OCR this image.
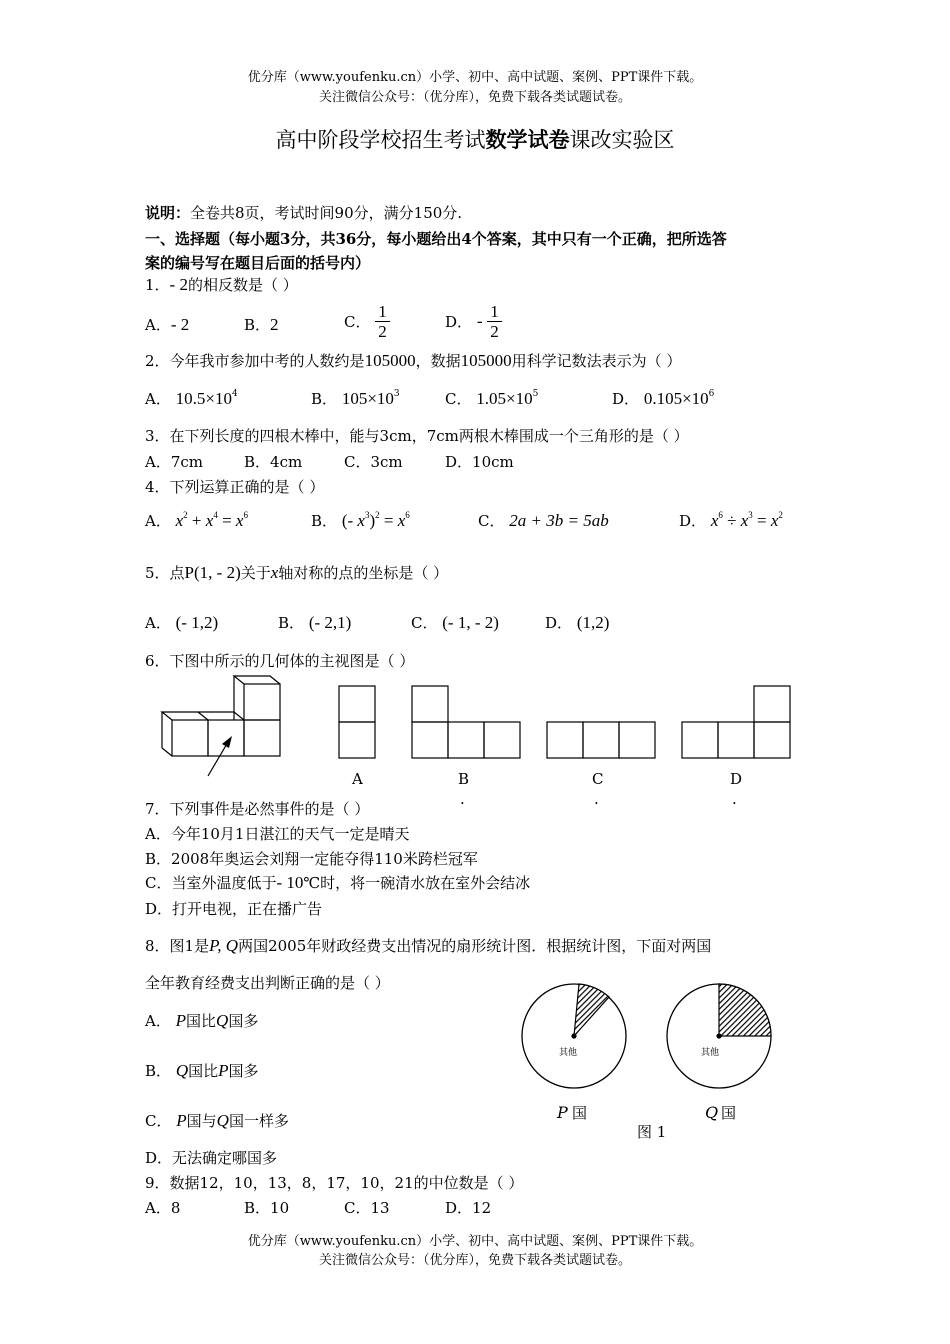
优分库（www.youfenku.cn）小学、初中、高中试题、案例、PPT课件下载。
关注微信公众号：（优分库），免费下载各类试题试卷。
高中阶段学校招生考试数学试卷课改实验区
说明：全卷共8页，考试时间90分，满分150分.
一、选择题（每小题3分，共36分，每小题给出4个答案，其中只有一个正确，把所选答
案的编号写在题目后面的括号内）
1．- 2的相反数是（ ）
A．- 2	B．2	C． $\frac{1}{2}$	D． - $\frac{1}{2}$
2．今年我市参加中考的人数约是105000，数据105000用科学记数法表示为（ ）
A． $10.5\times 10^4$	B． $105\times 10^3$	C． $1.05\times 10^5$	D． $0.105\times 10^6$
3．在下列长度的四根木棒中，能与3cm，7cm两根木棒围成一个三角形的是（ ）
A．7cm	B．4cm	C．3cm	D．10cm
4．下列运算正确的是（ ）
A． $x^2 + x^4 = x^6$	B． (- $x^3)^2 = x^6$	C． 2a + 3b = 5ab	D． $x^6 \div x^3 = x^2$
5．点P(1, - 2)关于x轴对称的点的坐标是（ ）
A． (- 1,2)	B． (- 2,1)	C． (- 1, - 2)	D． (1,2)
6．下图中所示的几何体的主视图是（ ）
A	B
.
C
.
D
.
7．下列事件是必然事件的是（ ）
A．今年10月1日湛江的天气一定是晴天
B．2008年奥运会刘翔一定能夺得110米跨栏冠军
C．当室外温度低于- 10℃时，将一碗清水放在室外会结冰
D．打开电视，正在播广告
8．图1是P, Q两国2005年财政经费支出情况的扇形统计图．根据统计图，下面对两国
全年教育经费支出判断正确的是（ ）
A． P国比Q国多
B． Q国比P国多
C． P国与Q国一样多
D．无法确定哪国多
其他	其他
P 国	Q 国
图 1
9．数据12，10，13，8，17，10，21的中位数是（ ）
A．8	B．10	C．13	D．12
优分库（www.youfenku.cn）小学、初中、高中试题、案例、PPT课件下载。
关注微信公众号：（优分库），免费下载各类试题试卷。
